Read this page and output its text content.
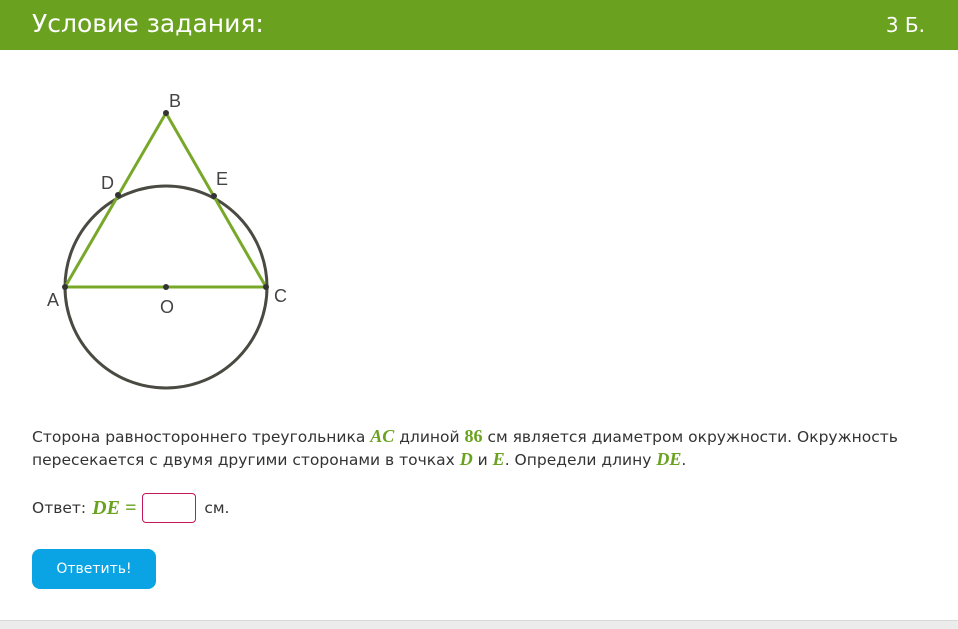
Условие задания:	3 Б.
B
D	E
A	C
O
Сторона равностороннего треугольника AC длиной 86 см является диаметром окружности. Окружность пересекается с двумя другими сторонами в точках D и E. Определи длину DE.
Ответ: DE =	см.
Ответить!
